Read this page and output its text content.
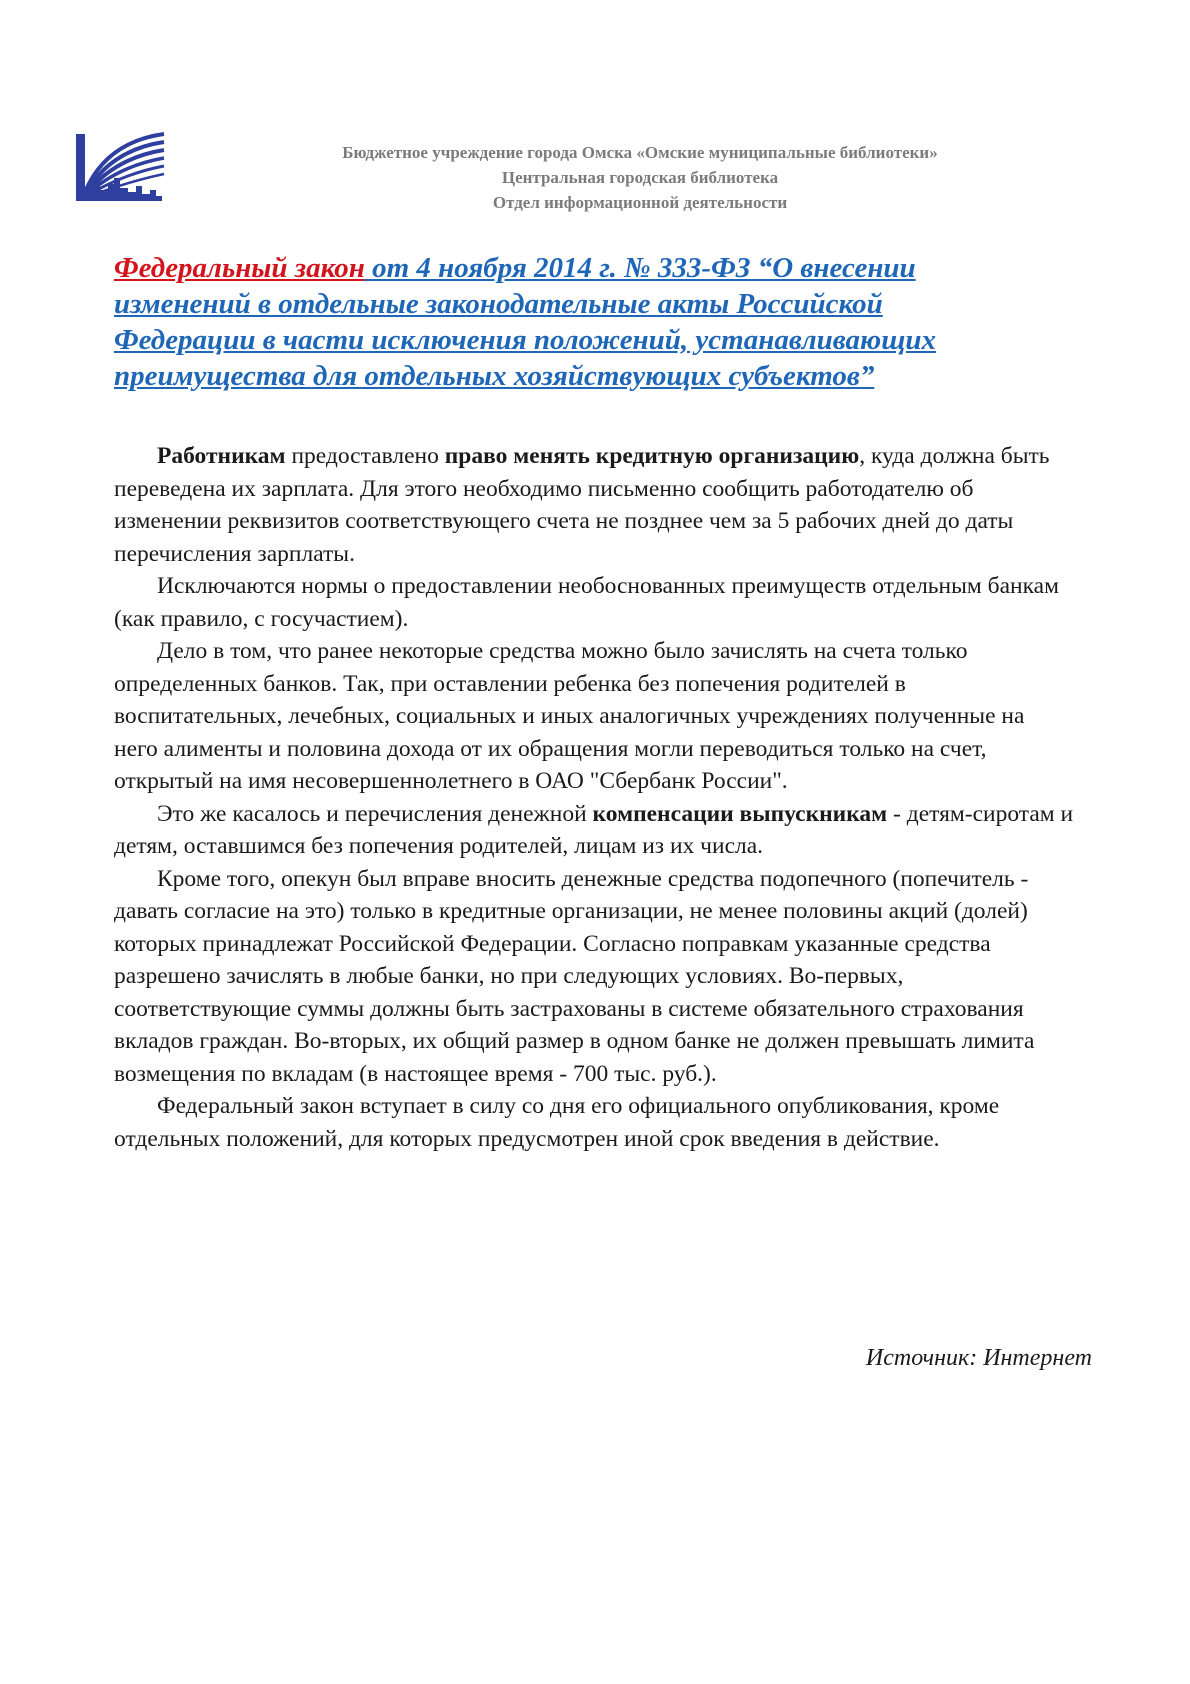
Бюджетное учреждение города Омска «Омские муниципальные библиотеки»
Центральная городская библиотека
Отдел информационной деятельности
Федеральный закон от 4 ноября 2014 г. № 333-ФЗ “О внесении
изменений в отдельные законодательные акты Российской
Федерации в части исключения положений, устанавливающих
преимущества для отдельных хозяйствующих субъектов”

Работникам предоставлено право менять кредитную организацию, куда должна быть переведена их зарплата. Для этого необходимо письменно сообщить работодателю об изменении реквизитов соответствующего счета не позднее чем за 5 рабочих дней до даты перечисления зарплаты.

Исключаются нормы о предоставлении необоснованных преимуществ отдельным банкам (как правило, с госучастием).

Дело в том, что ранее некоторые средства можно было зачислять на счета только определенных банков. Так, при оставлении ребенка без попечения родителей в воспитательных, лечебных, социальных и иных аналогичных учреждениях полученные на него алименты и половина дохода от их обращения могли переводиться только на счет, открытый на имя несовершеннолетнего в ОАО "Сбербанк России".

Это же касалось и перечисления денежной компенсации выпускникам - детям-сиротам и детям, оставшимся без попечения родителей, лицам из их числа.

Кроме того, опекун был вправе вносить денежные средства подопечного (попечитель - давать согласие на это) только в кредитные организации, не менее половины акций (долей) которых принадлежат Российской Федерации. Согласно поправкам указанные средства разрешено зачислять в любые банки, но при следующих условиях. Во-первых, соответствующие суммы должны быть застрахованы в системе обязательного страхования вкладов граждан. Во-вторых, их общий размер в одном банке не должен превышать лимита возмещения по вкладам (в настоящее время - 700 тыс. руб.).

Федеральный закон вступает в силу со дня его официального опубликования, кроме отдельных положений, для которых предусмотрен иной срок введения в действие.

Источник: Интернет
